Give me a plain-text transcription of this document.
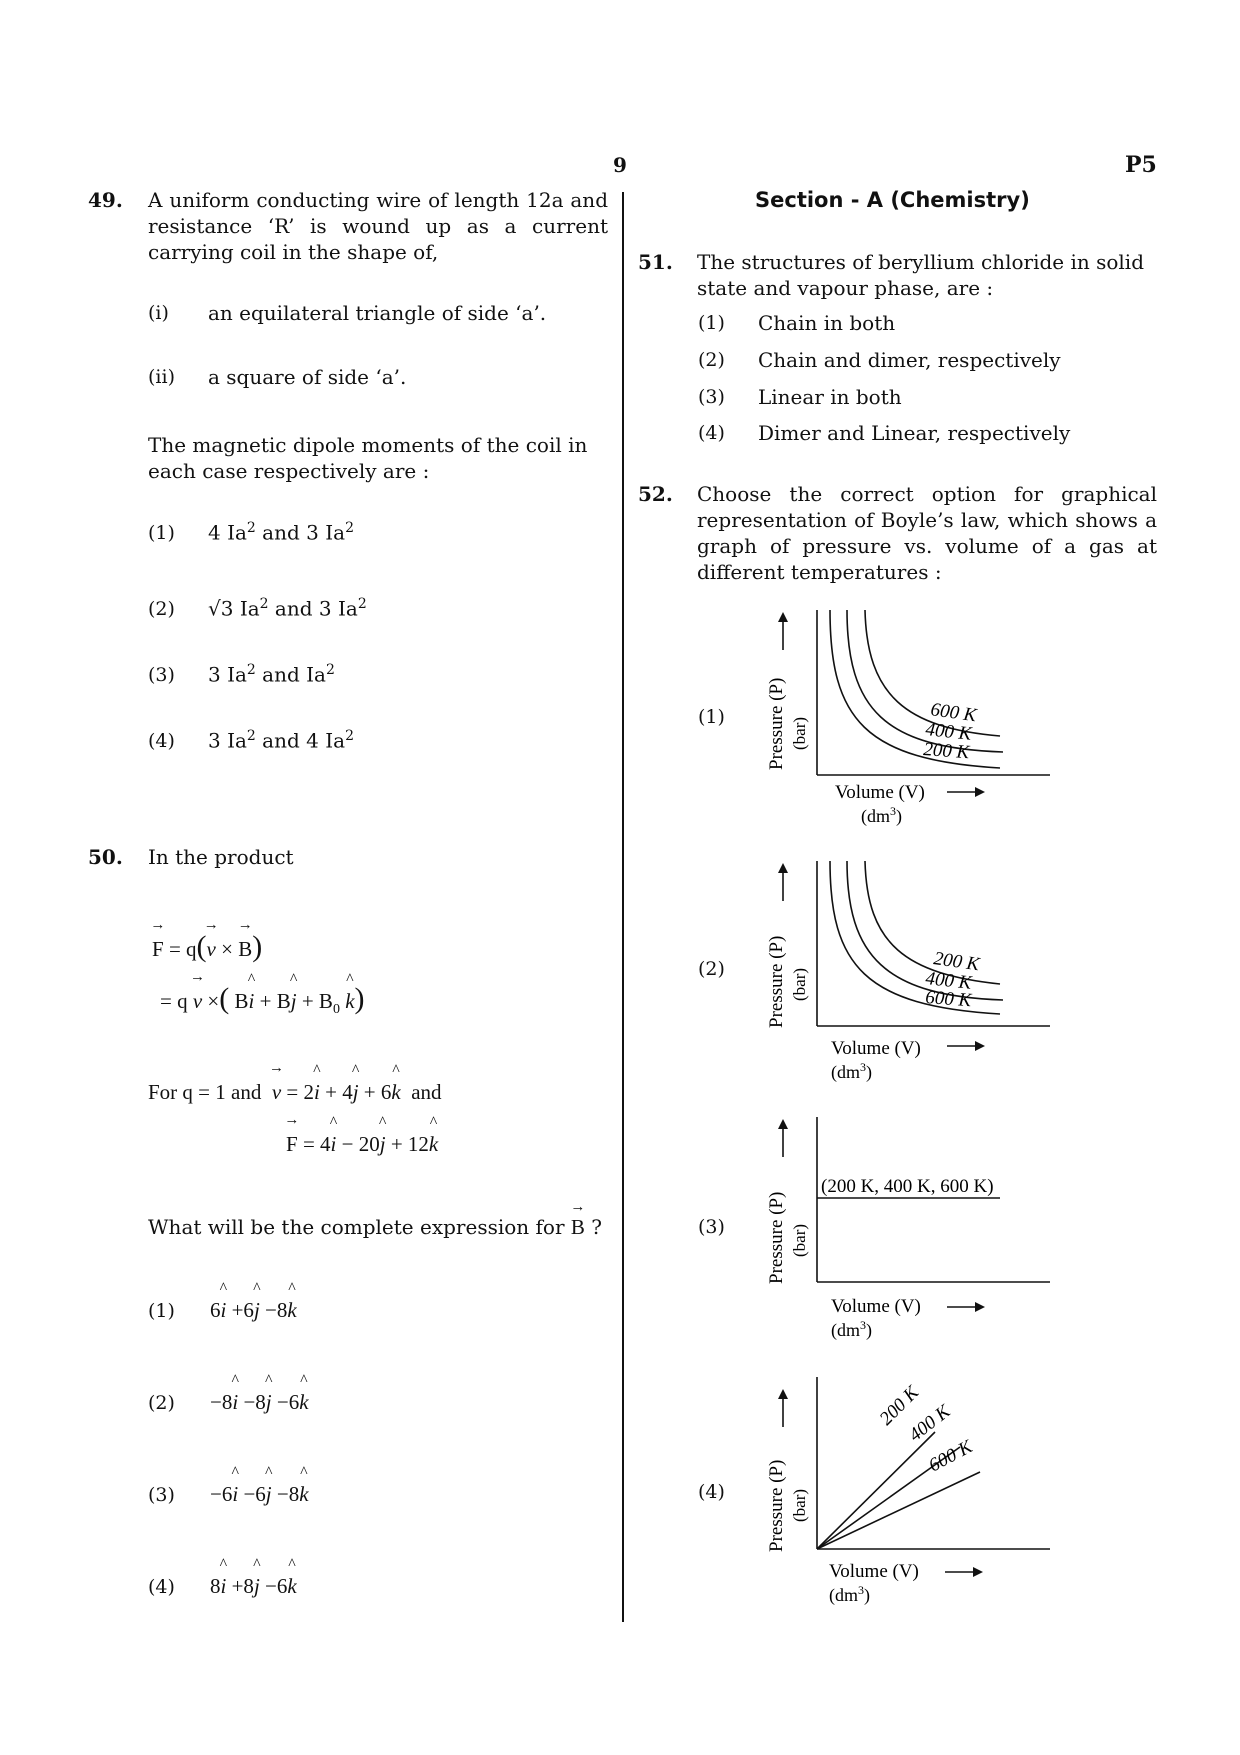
9	P5
49. A uniform conducting wire of length 12a and resistance ‘R’ is wound up as a current carrying coil in the shape of,
(i) an equilateral triangle of side ‘a’.
(ii) a square of side ‘a’.
The magnetic dipole moments of the coil in each case respectively are :
(1) 4 Ia$^2$ and 3 Ia$^2$
(2) √3 Ia$^2$ and 3 Ia$^2$
(3) 3 Ia$^2$ and Ia$^2$
(4) 3 Ia$^2$ and 4 Ia$^2$
50. In the product
→ F = q(→ v × → B)
= q → v ×( B^ i + B^ $j + B_0$ ^ k)
For q = 1 and → v = 2^ i + 4^ j + 6^ k and
→ F = 4^ i − 20^ j + 12^ k
What will be the complete expression for → B ?
(1) 6^ i +6^ j −8^ k
(2) −8^ i −8^ j −6^ k
(3) −6^ i −6^ j −8^ k
(4) 8^ i +8^ j −6^ k
Section - A (Chemistry)
51. The structures of beryllium chloride in solid state and vapour phase, are :
(1) Chain in both
(2) Chain and dimer, respectively
(3) Linear in both
(4) Dimer and Linear, respectively
52. Choose the correct option for graphical representation of Boyle’s law, which shows a graph of pressure vs. volume of a gas at different temperatures :
(1)
(2)
(3)
(4)
600 K
400 K
200 K
Pressure (P) (bar)
Volume (V)
$(dm^3)$
200 K
400 K
600 K
Pressure (P) (bar)
Volume (V)
$(dm^3)$
(200 K, 400 K, 600 K)
Pressure (P) (bar)
Volume (V)
$(dm^3)$
200 K
400 K
600 K
Pressure (P) (bar)
Volume (V)
$(dm^3)$
